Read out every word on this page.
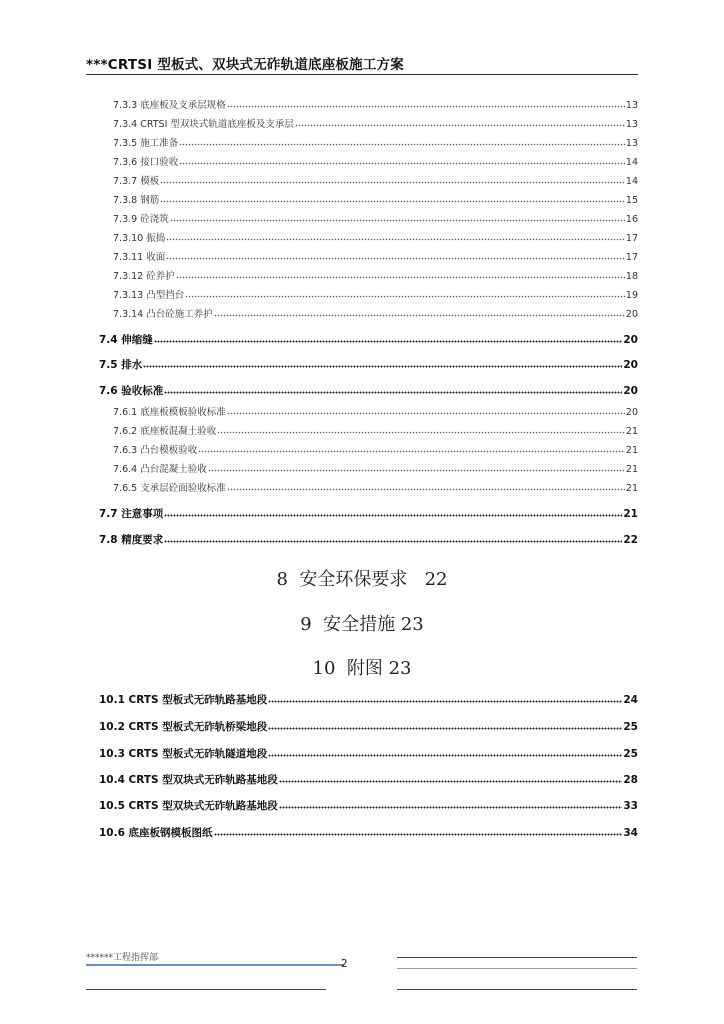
***CRTSⅠ 型板式、双块式无砟轨道底座板施工方案
7.3.3 底座板及支承层规格	13
7.3.4 CRTSⅠ 型双块式轨道底座板及支承层	13
7.3.5 施工准备	13
7.3.6 接口验收	14
7.3.7 模板	14
7.3.8 钢筋	15
7.3.9 砼浇筑	16
7.3.10 振捣	17
7.3.11 收面	17
7.3.12 砼养护	18
7.3.13 凸型挡台	19
7.3.14 凸台砼施工养护	20
7.4 伸缩缝	20
7.5 排水	20
7.6 验收标准	20
7.6.1 底座板模板验收标准	20
7.6.2 底座板混凝土验收	21
7.6.3 凸台模板验收	21
7.6.4 凸台混凝土验收	21
7.6.5 支承层砼面验收标准	21
7.7 注意事项	21
7.8 精度要求	22
8  安全环保要求   22
9  安全措施 23
10  附图 23
10.1 CRTS 型板式无砟轨路基地段	24
10.2 CRTS 型板式无砟轨桥梁地段	25
10.3 CRTS 型板式无砟轨隧道地段	25
10.4 CRTS 型双块式无砟轨路基地段	28
10.5 CRTS 型双块式无砟轨路基地段	33
10.6 底座板钢模板图纸	34
******工程指挥部	2
